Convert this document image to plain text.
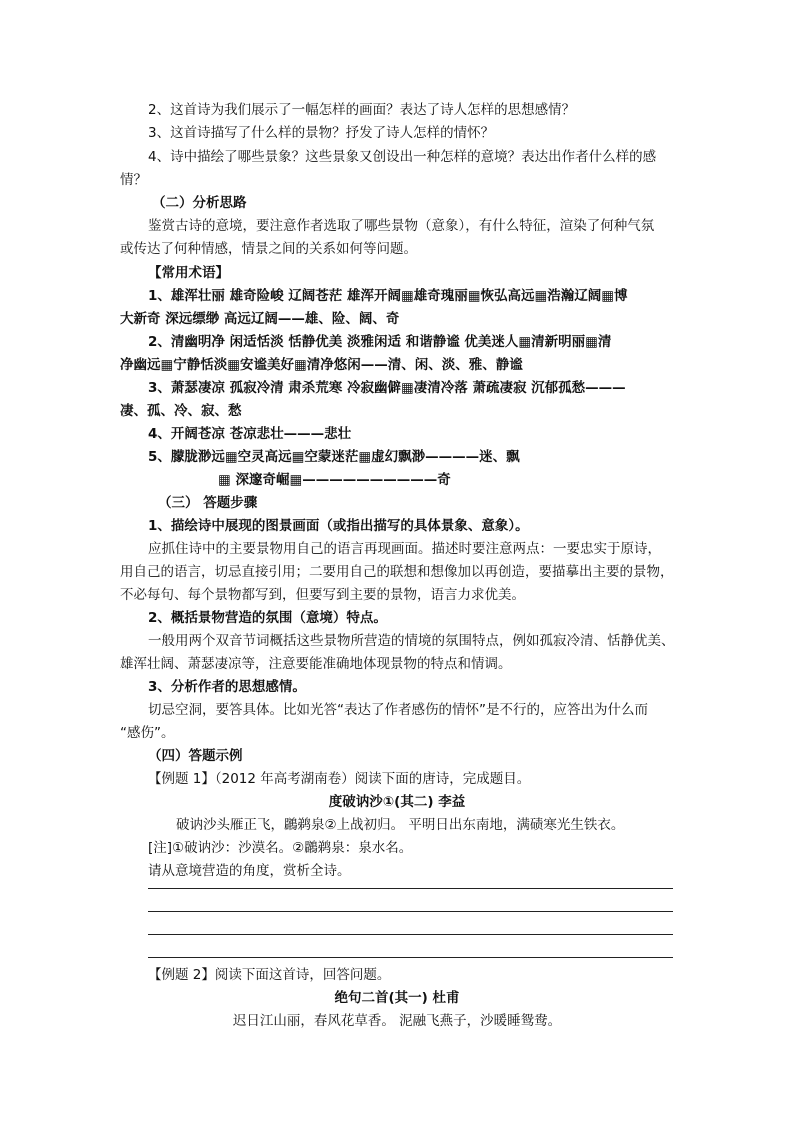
2、这首诗为我们展示了一幅怎样的画面？表达了诗人怎样的思想感情？
3、这首诗描写了什么样的景物？抒发了诗人怎样的情怀？
4、诗中描绘了哪些景象？这些景象又创设出一种怎样的意境？表达出作者什么样的感
情？
（二）分析思路
鉴赏古诗的意境，要注意作者选取了哪些景物（意象），有什么特征，渲染了何种气氛
或传达了何种情感，情景之间的关系如何等问题。
【常用术语】
1、雄浑壮丽 雄奇险峻 辽阔苍茫 雄浑开阔▦雄奇瑰丽▦恢弘高远▦浩瀚辽阔▦博
大新奇 深远缥缈 高远辽阔——雄、险、阔、奇
2、清幽明净 闲适恬淡 恬静优美 淡雅闲适 和谐静谧 优美迷人▦清新明丽▦清
净幽远▦宁静恬淡▦安谧美好▦清净悠闲——清、闲、淡、雅、静谧
3、萧瑟凄凉 孤寂冷清 肃杀荒寒 冷寂幽僻▦凄清冷落 萧疏凄寂 沉郁孤愁———
凄、孤、冷、寂、愁
4、开阔苍凉 苍凉悲壮———悲壮
5、朦胧渺远▦空灵高远▦空蒙迷茫▦虚幻飘渺————迷、飘
▦ 深邃奇崛▦——————————奇
（三） 答题步骤
1、描绘诗中展现的图景画面（或指出描写的具体景象、意象）。
应抓住诗中的主要景物用自己的语言再现画面。描述时要注意两点：一要忠实于原诗，
用自己的语言，切忌直接引用；二要用自己的联想和想像加以再创造，要描摹出主要的景物，
不必每句、每个景物都写到，但要写到主要的景物，语言力求优美。
2、概括景物营造的氛围（意境）特点。
一般用两个双音节词概括这些景物所营造的情境的氛围特点，例如孤寂冷清、恬静优美、
雄浑壮阔、萧瑟凄凉等，注意要能准确地体现景物的特点和情调。
3、分析作者的思想感情。
切忌空洞，要答具体。比如光答“表达了作者感伤的情怀”是不行的，应答出为什么而
“感伤”。
（四）答题示例
【例题 1】（2012 年高考湖南卷）阅读下面的唐诗，完成题目。
度破讷沙①(其二) 李益
破讷沙头雁正飞，鸊鹈泉②上战初归。 平明日出东南地，满碛寒光生铁衣。
[注]①破讷沙：沙漠名。②鸊鹈泉：泉水名。
请从意境营造的角度，赏析全诗。
【例题 2】阅读下面这首诗，回答问题。
绝句二首(其一) 杜甫
迟日江山丽，春风花草香。 泥融飞燕子，沙暖睡鸳鸯。
